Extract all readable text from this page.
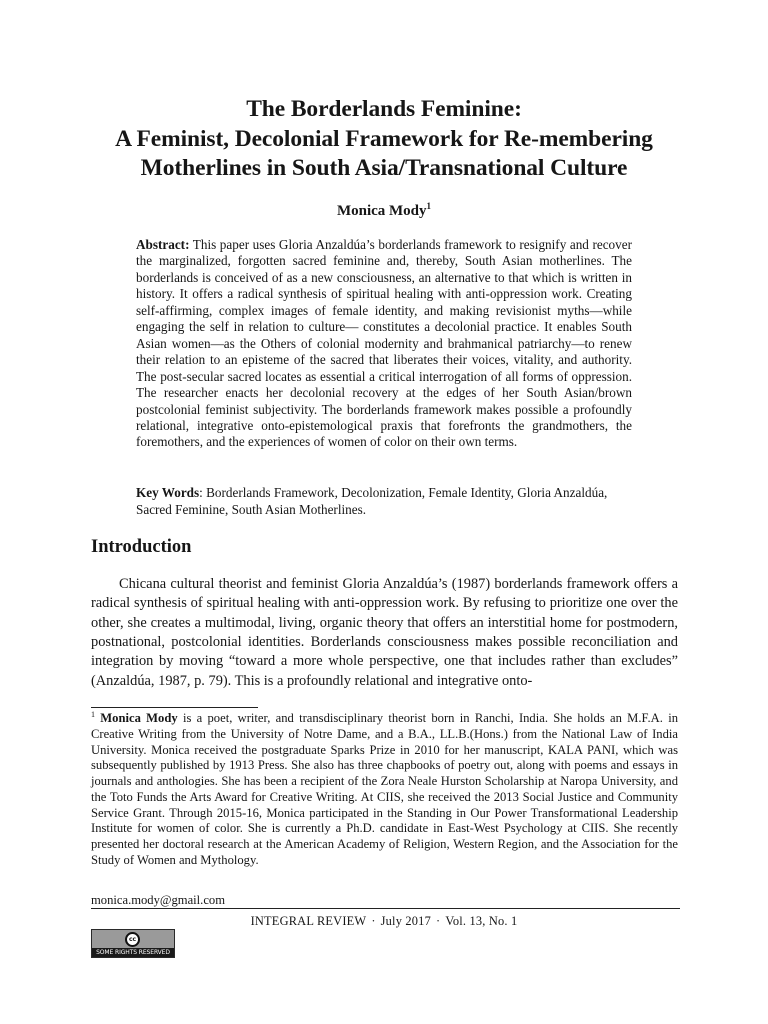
The Borderlands Feminine:
A Feminist, Decolonial Framework for Re-membering
Motherlines in South Asia/Transnational Culture
Monica Mody$^1$
Abstract: This paper uses Gloria Anzaldúa’s borderlands framework to resignify and recover the marginalized, forgotten sacred feminine and, thereby, South Asian motherlines. The borderlands is conceived of as a new consciousness, an alternative to that which is written in history. It offers a radical synthesis of spiritual healing with anti-oppression work. Creating self-affirming, complex images of female identity, and making revisionist myths—while engaging the self in relation to culture— constitutes a decolonial practice. It enables South Asian women—as the Others of colonial modernity and brahmanical patriarchy—to renew their relation to an episteme of the sacred that liberates their voices, vitality, and authority. The post-secular sacred locates as essential a critical interrogation of all forms of oppression. The researcher enacts her decolonial recovery at the edges of her South Asian/brown postcolonial feminist subjectivity. The borderlands framework makes possible a profoundly relational, integrative onto-epistemological praxis that forefronts the grandmothers, the foremothers, and the experiences of women of color on their own terms.
Key Words: Borderlands Framework, Decolonization, Female Identity, Gloria Anzaldúa, Sacred Feminine, South Asian Motherlines.
Introduction
Chicana cultural theorist and feminist Gloria Anzaldúa’s (1987) borderlands framework offers a radical synthesis of spiritual healing with anti-oppression work. By refusing to prioritize one over the other, she creates a multimodal, living, organic theory that offers an interstitial home for postmodern, postnational, postcolonial identities. Borderlands consciousness makes possible reconciliation and integration by moving “toward a more whole perspective, one that includes rather than excludes” (Anzaldúa, 1987, p. 79). This is a profoundly relational and integrative onto-
$^1$ Monica Mody is a poet, writer, and transdisciplinary theorist born in Ranchi, India. She holds an M.F.A. in Creative Writing from the University of Notre Dame, and a B.A., LL.B.(Hons.) from the National Law of India University. Monica received the postgraduate Sparks Prize in 2010 for her manuscript, KALA PANI, which was subsequently published by 1913 Press. She also has three chapbooks of poetry out, along with poems and essays in journals and anthologies. She has been a recipient of the Zora Neale Hurston Scholarship at Naropa University, and the Toto Funds the Arts Award for Creative Writing. At CIIS, she received the 2013 Social Justice and Community Service Grant. Through 2015-16, Monica participated in the Standing in Our Power Transformational Leadership Institute for women of color. She is currently a Ph.D. candidate in East-West Psychology at CIIS. She recently presented her doctoral research at the American Academy of Religion, Western Region, and the Association for the Study of Women and Mythology.
monica.mody@gmail.com
INTEGRAL REVIEW · July 2017 · Vol. 13, No. 1
cc
SOME RIGHTS RESERVED
